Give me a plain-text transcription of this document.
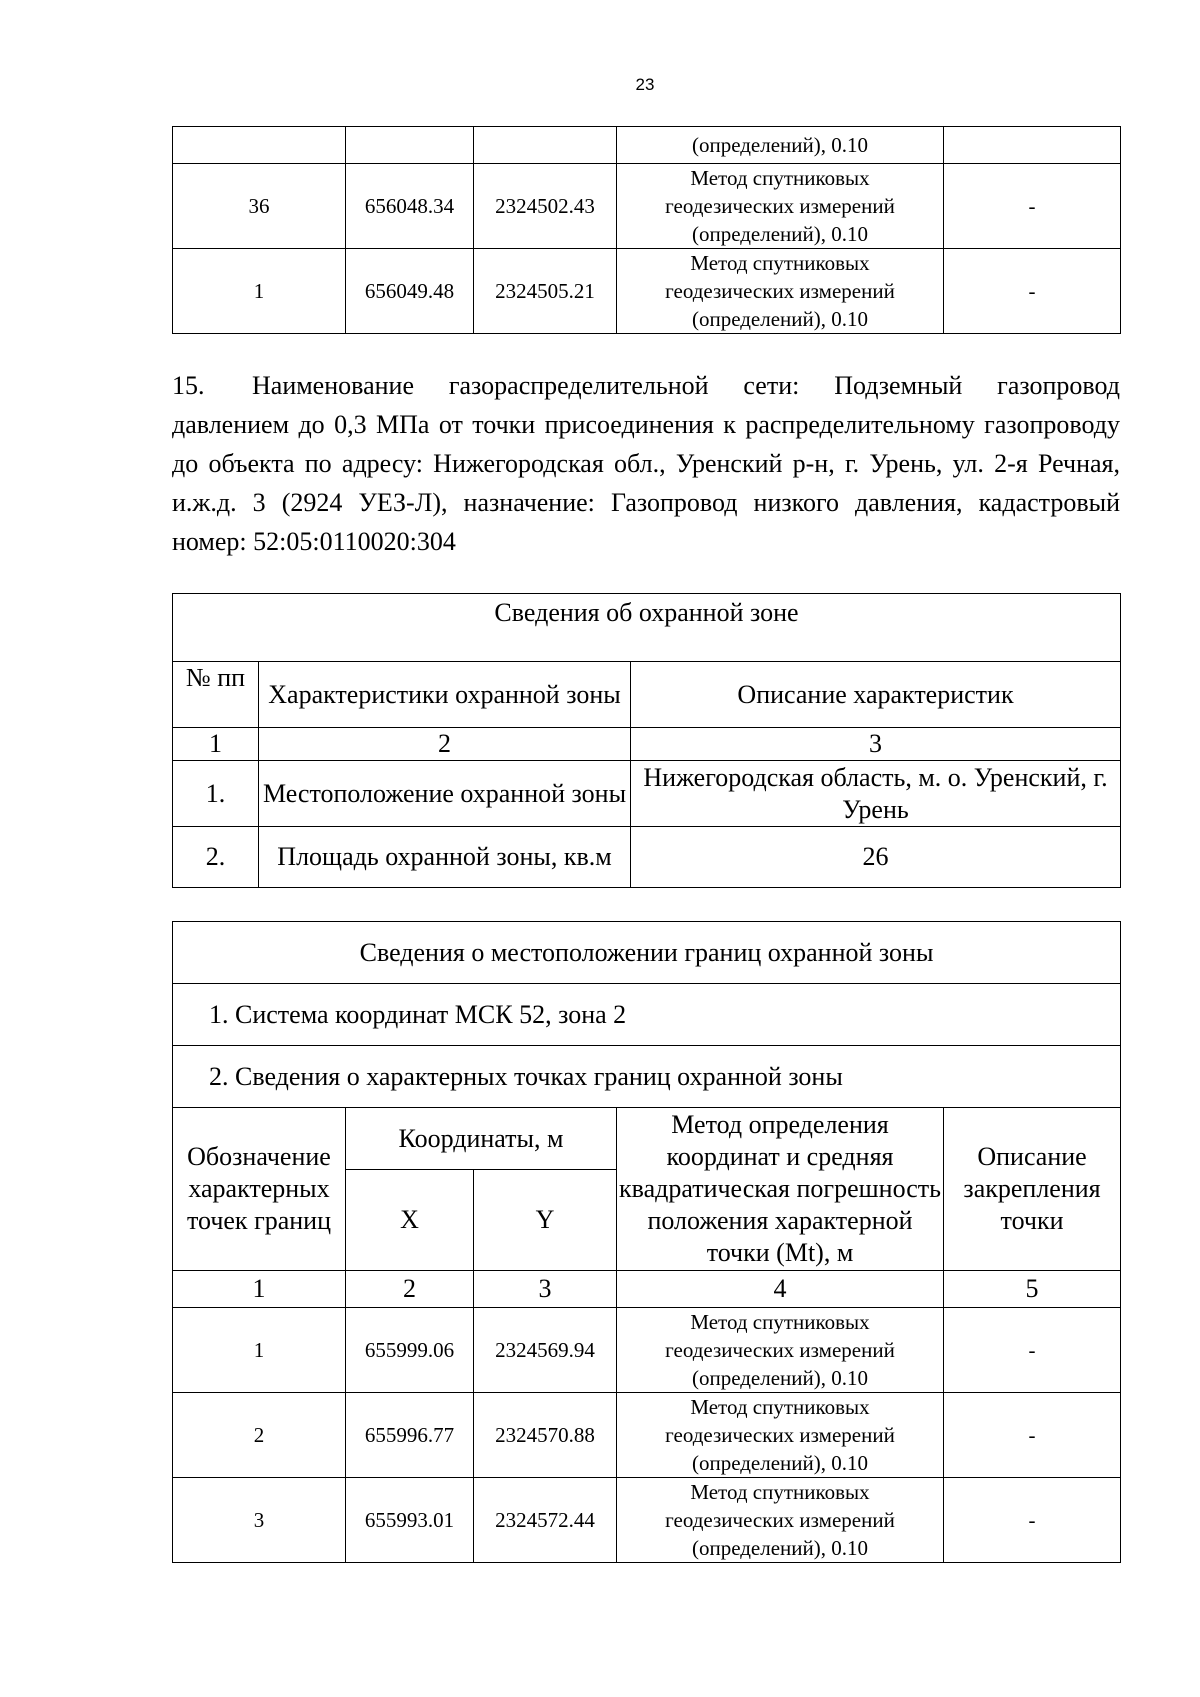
23

			(определений), 0.10	

36	656048.34	2324502.43	Метод спутниковых
геодезических измерений
(определений), 0.10	-
1	656049.48	2324505.21	Метод спутниковых
геодезических измерений
(определений), 0.10	-

15. Наименование газораспределительной сети: Подземный газопровод давлением до 0,3 МПа от точки присоединения к распределительному газопроводу до объекта по адресу: Нижегородская обл., Уренский р-н, г. Урень, ул. 2-я Речная, и.ж.д. 3 (2924 УЕЗ-Л), назначение: Газопровод низкого давления, кадастровый номер: 52:05:0110020:304

Сведения об охранной зоне		
№ пп	Характеристики охранной зоны	Описание характеристик
1	2	3
1.	Местоположение охранной зоны	Нижегородская область, м. о. Уренский, г. Урень
2.	Площадь охранной зоны, кв.м	26
Сведения о местоположении границ охранной зоны				
1. Система координат МСК 52, зона 2				
2. Сведения о характерных точках границ охранной зоны				
Обозначение характерных точек границ	Координаты, м		Метод определения координат и средняя квадратическая погрешность положения характерной точки (Mt), м	Описание закрепления точки
	X	Y		
1	2	3	4	5
1	655999.06	2324569.94	Метод спутниковых
геодезических измерений
(определений), 0.10	-
2	655996.77	2324570.88	Метод спутниковых
геодезических измерений
(определений), 0.10	-
3	655993.01	2324572.44	Метод спутниковых
геодезических измерений
(определений), 0.10	-
